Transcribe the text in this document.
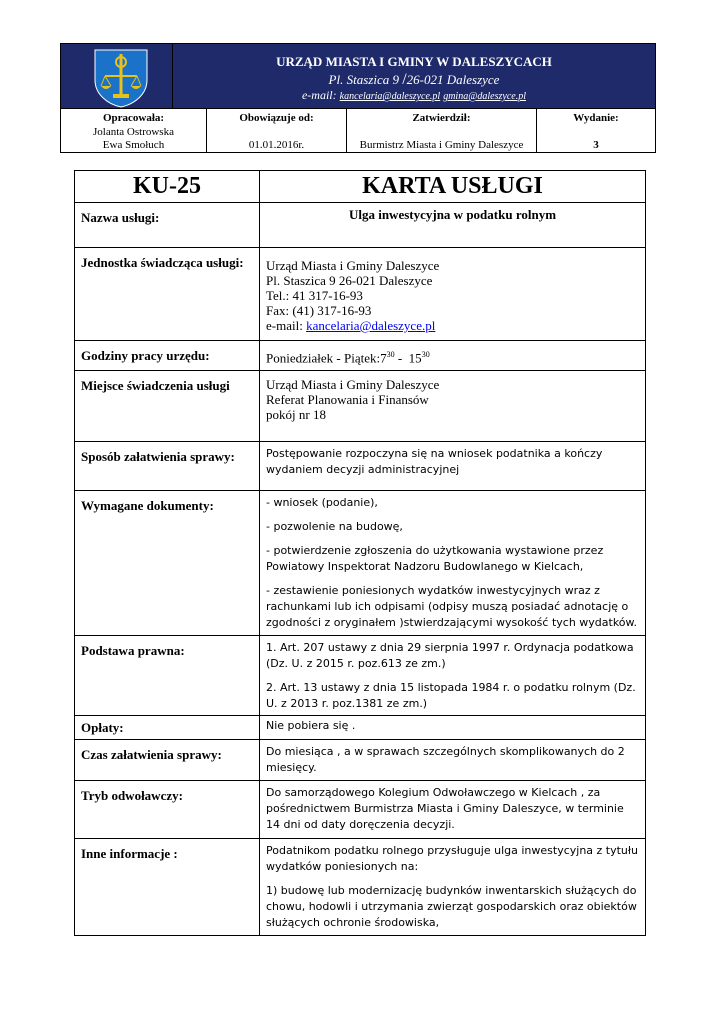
URZĄD MIASTA I GMINY W DALESZYCACH
Pl. Staszica 9 /26-021 Daleszyce
e-mail: kancelaria@daleszyce.pl gmina@daleszyce.pl
Opracowała:
Jolanta Ostrowska
Ewa Smołuch
Obowiązuje od:
01.01.2016r.
Zatwierdził:
Burmistrz Miasta i Gminy Daleszyce
Wydanie:
3
KU-25	KARTA USŁUGI
Nazwa usługi:	Ulga inwestycyjna w podatku rolnym
Jednostka świadcząca usługi:	Urząd Miasta i Gminy Daleszyce
Pl. Staszica 9 26-021 Daleszyce
Tel.: 41 317-16-93
Fax: (41) 317-16-93
e-mail: kancelaria@daleszyce.pl

Godziny pracy urzędu:	Poniedziałek - $Piątek:7^{30} - 15^{30}$
Miejsce świadczenia usługi	Urząd Miasta i Gminy Daleszyce
Referat Planowania i Finansów
pokój nr 18

Sposób załatwienia sprawy:	Postępowanie rozpoczyna się na wniosek podatnika a kończy wydaniem decyzji administracyjnej
Wymagane dokumenty:	- wniosek (podanie),
- pozwolenie na budowę,
- potwierdzenie zgłoszenia do użytkowania wystawione przez Powiatowy Inspektorat Nadzoru Budowlanego w Kielcach,
- zestawienie poniesionych wydatków inwestycyjnych wraz z rachunkami lub ich odpisami (odpisy muszą posiadać adnotację o zgodności z oryginałem )stwierdzającymi wysokość tych wydatków.

Podstawa prawna:	1. Art. 207 ustawy z dnia 29 sierpnia 1997 r. Ordynacja podatkowa (Dz. U. z 2015 r. poz.613 ze zm.)
2. Art. 13 ustawy z dnia 15 listopada 1984 r. o podatku rolnym (Dz. U. z 2013 r. poz.1381 ze zm.)

Opłaty:	Nie pobiera się .
Czas załatwienia sprawy:	Do miesiąca , a w sprawach szczególnych skomplikowanych do 2 miesięcy.
Tryb odwoławczy:	Do samorządowego Kolegium Odwoławczego w Kielcach , za pośrednictwem Burmistrza Miasta i Gminy Daleszyce, w terminie 14 dni od daty doręczenia decyzji.
Inne informacje :	Podatnikom podatku rolnego przysługuje ulga inwestycyjna z tytułu wydatków poniesionych na:
1) budowę lub modernizację budynków inwentarskich służących do chowu, hodowli i utrzymania zwierząt gospodarskich oraz obiektów służących ochronie środowiska,
